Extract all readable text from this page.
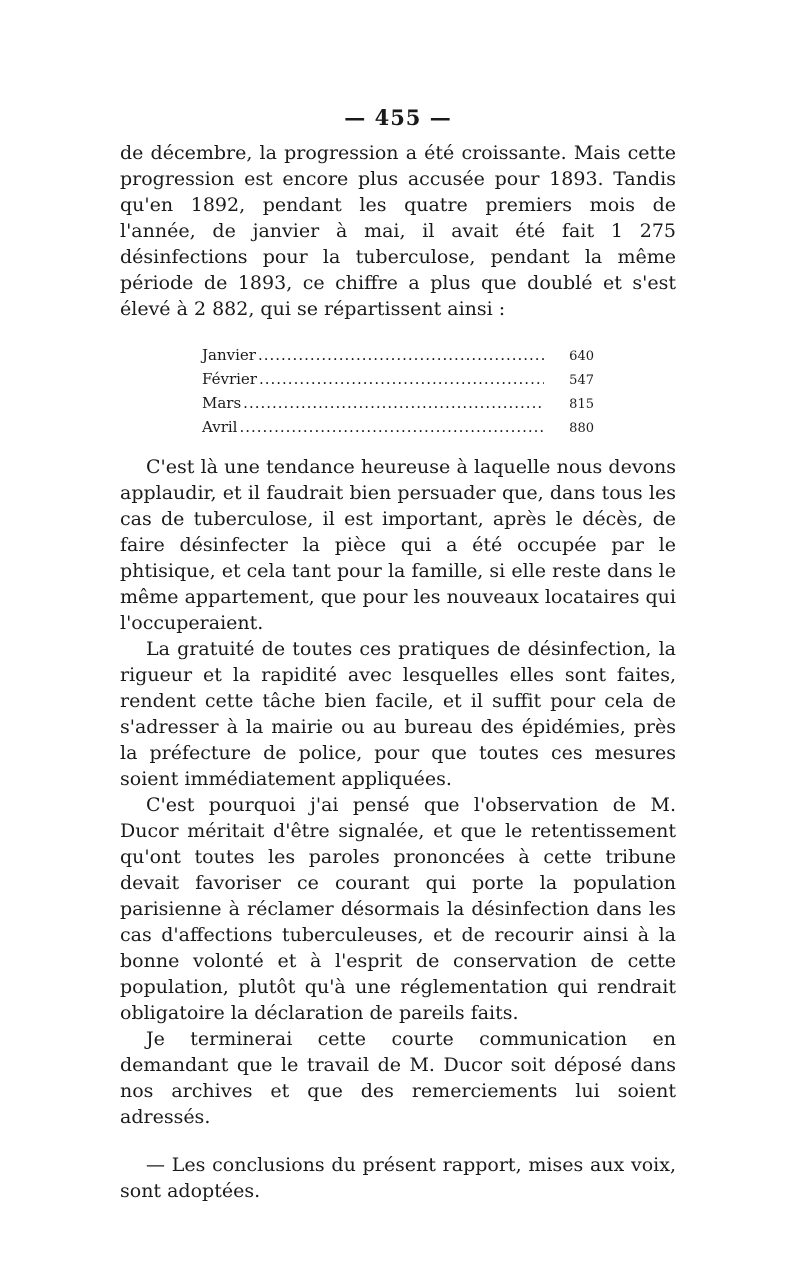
— 455 —

de décembre, la progression a été croissante. Mais cette progression est encore plus accusée pour 1893. Tandis qu'en 1892, pendant les quatre premiers mois de l'année, de janvier à mai, il avait été fait 1 275 désinfections pour la tuberculose, pendant la même période de 1893, ce chiffre a plus que doublé et s'est élevé à 2 882, qui se répartissent ainsi :

Janvier .....	640
Février .....	547
Mars .....	815
Avril .....	880

C'est là une tendance heureuse à laquelle nous devons applaudir, et il faudrait bien persuader que, dans tous les cas de tuberculose, il est important, après le décès, de faire désinfecter la pièce qui a été occupée par le phtisique, et cela tant pour la famille, si elle reste dans le même appartement, que pour les nouveaux locataires qui l'occuperaient.

La gratuité de toutes ces pratiques de désinfection, la rigueur et la rapidité avec lesquelles elles sont faites, rendent cette tâche bien facile, et il suffit pour cela de s'adresser à la mairie ou au bureau des épidémies, près la préfecture de police, pour que toutes ces mesures soient immédiatement appliquées.

C'est pourquoi j'ai pensé que l'observation de M. Ducor méritait d'être signalée, et que le retentissement qu'ont toutes les paroles prononcées à cette tribune devait favoriser ce courant qui porte la population parisienne à réclamer désormais la désinfection dans les cas d'affections tuberculeuses, et de recourir ainsi à la bonne volonté et à l'esprit de conservation de cette population, plutôt qu'à une réglementation qui rendrait obligatoire la déclaration de pareils faits.

Je terminerai cette courte communication en demandant que le travail de M. Ducor soit déposé dans nos archives et que des remerciements lui soient adressés.

— Les conclusions du présent rapport, mises aux voix, sont adoptées.
